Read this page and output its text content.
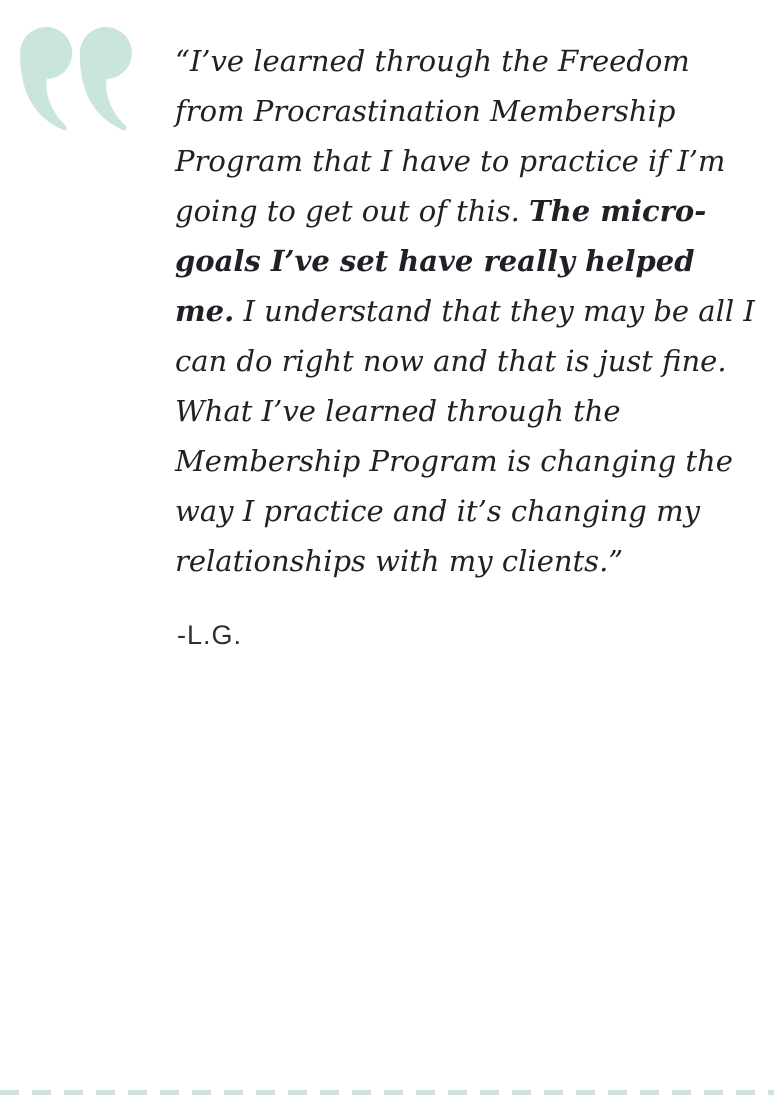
“I’ve learned through the Freedom from Procrastination Membership Program that I have to practice if I’m going to get out of this. The micro-goals I’ve set have really helped me. I understand that they may be all I can do right now and that is just fine. What I’ve learned through the Membership Program is changing the way I practice and it’s changing my relationships with my clients.”

-L.G.
